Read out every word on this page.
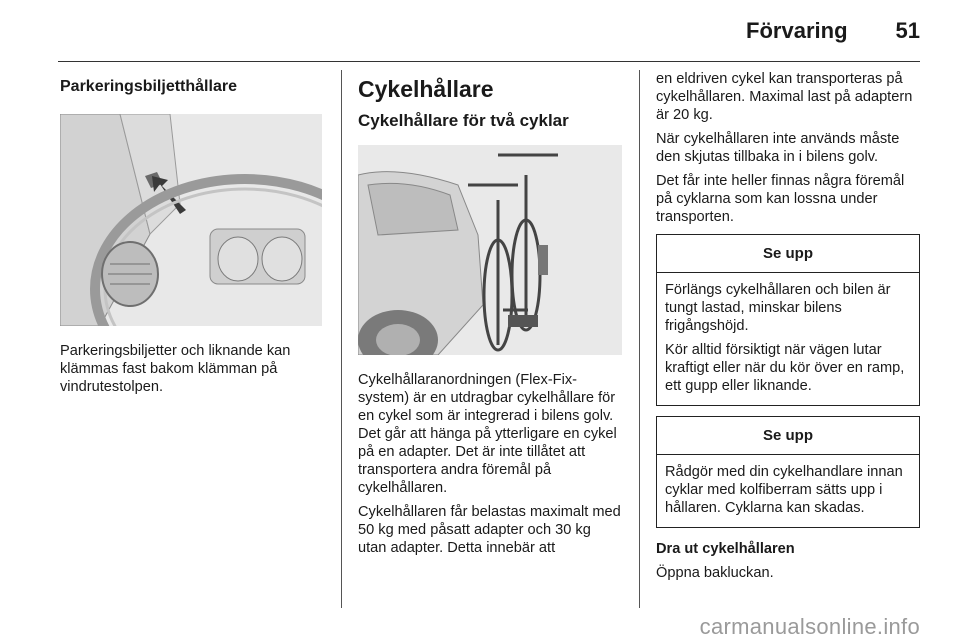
Förvaring 51
Parkeringsbiljetthållare

Parkeringsbiljetter och liknande kan klämmas fast bakom klämman på vindrutestolpen.

Cykelhållare
Cykelhållare för två cyklar

Cykelhållaranordningen (Flex-Fix-system) är en utdragbar cykelhållare för en cykel som är integrerad i bilens golv. Det går att hänga på ytterligare en cykel på en adapter. Det är inte tillåtet att transportera andra föremål på cykelhållaren.

Cykelhållaren får belastas maximalt med 50 kg med påsatt adapter och 30 kg utan adapter. Detta innebär att

en eldriven cykel kan transporteras på cykelhållaren. Maximal last på adaptern är 20 kg.

När cykelhållaren inte används måste den skjutas tillbaka in i bilens golv.

Det får inte heller finnas några föremål på cyklarna som kan lossna under transporten.

Se upp

Förlängs cykelhållaren och bilen är tungt lastad, minskar bilens frigångshöjd.

Kör alltid försiktigt när vägen lutar kraftigt eller när du kör över en ramp, ett gupp eller liknande.

Se upp

Rådgör med din cykelhandlare innan cyklar med kolfiberram sätts upp i hållaren. Cyklarna kan skadas.

Dra ut cykelhållaren

Öppna bakluckan.

carmanualsonline.info
